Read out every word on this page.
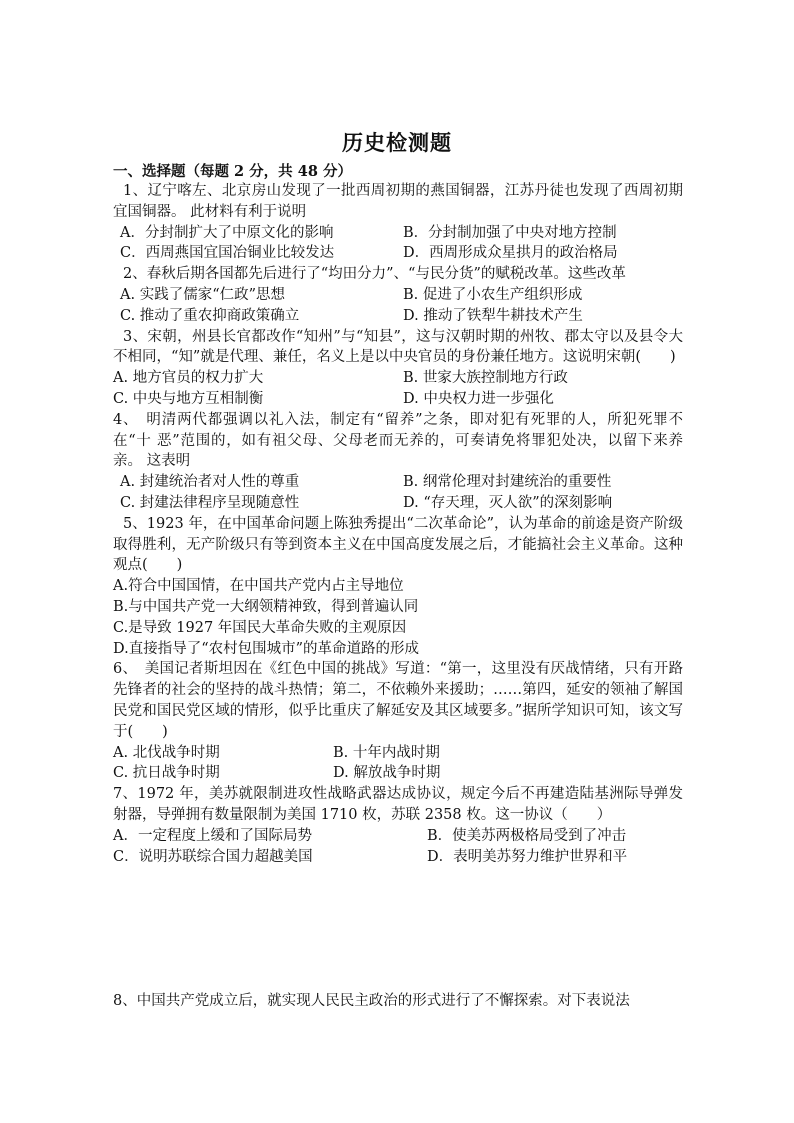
历史检测题
一、选择题（每题 2 分，共 48 分）

1、辽宁喀左、北京房山发现了一批西周初期的燕国铜器，江苏丹徒也发现了西周初期宜国铜器。 此材料有利于说明

A．分封制扩大了中原文化的影响	B．分封制加强了中央对地方控制
C．西周燕国宜国冶铜业比较发达	D．西周形成众星拱月的政治格局

2、春秋后期各国都先后进行了“均田分力”、“与民分货”的赋税改革。这些改革

A. 实践了儒家“仁政”思想	B. 促进了小农生产组织形成
C. 推动了重农抑商政策确立	D. 推动了铁犁牛耕技术产生

3、宋朝，州县长官都改作“知州”与“知县”，这与汉朝时期的州牧、郡太守以及县令大不相同，“知”就是代理、兼任，名义上是以中央官员的身份兼任地方。这说明宋朝(　　)

A. 地方官员的权力扩大	B. 世家大族控制地方行政
C. 中央与地方互相制衡	D. 中央权力进一步强化

4、　明清两代都强调以礼入法，制定有“留养”之条，即对犯有死罪的人，所犯死罪不在“十 恶”范围的，如有祖父母、父母老而无养的，可奏请免将罪犯处决，以留下来养亲。 这表明

A. 封建统治者对人性的尊重	B. 纲常伦理对封建统治的重要性
C. 封建法律程序呈现随意性	D. “存天理，灭人欲”的深刻影响

5、1923 年，在中国革命问题上陈独秀提出“二次革命论”，认为革命的前途是资产阶级取得胜利，无产阶级只有等到资本主义在中国高度发展之后，才能搞社会主义革命。这种观点(　　)

A.符合中国国情，在中国共产党内占主导地位

B.与中国共产党一大纲领精神致，得到普遍认同

C.是导致 1927 年国民大革命失败的主观原因

D.直接指导了“农村包围城市”的革命道路的形成

6、　美国记者斯坦因在《红色中国的挑战》写道：“第一，这里没有厌战情绪，只有开路先锋者的社会的坚持的战斗热情；第二，不依赖外来援助；……第四，延安的领袖了解国民党和国民党区域的情形，似乎比重庆了解延安及其区域要多。”据所学知识可知，该文写于(　　)

A. 北伐战争时期	B. 十年内战时期
C. 抗日战争时期	D. 解放战争时期

7、1972 年，美苏就限制进攻性战略武器达成协议，规定今后不再建造陆基洲际导弹发射器，导弹拥有数量限制为美国 1710 枚，苏联 2358 枚。这一协议（　　）

A．一定程度上缓和了国际局势	B．使美苏两极格局受到了冲击
C．说明苏联综合国力超越美国	D．表明美苏努力维护世界和平

8、中国共产党成立后，就实现人民民主政治的形式进行了不懈探索。对下表说法
